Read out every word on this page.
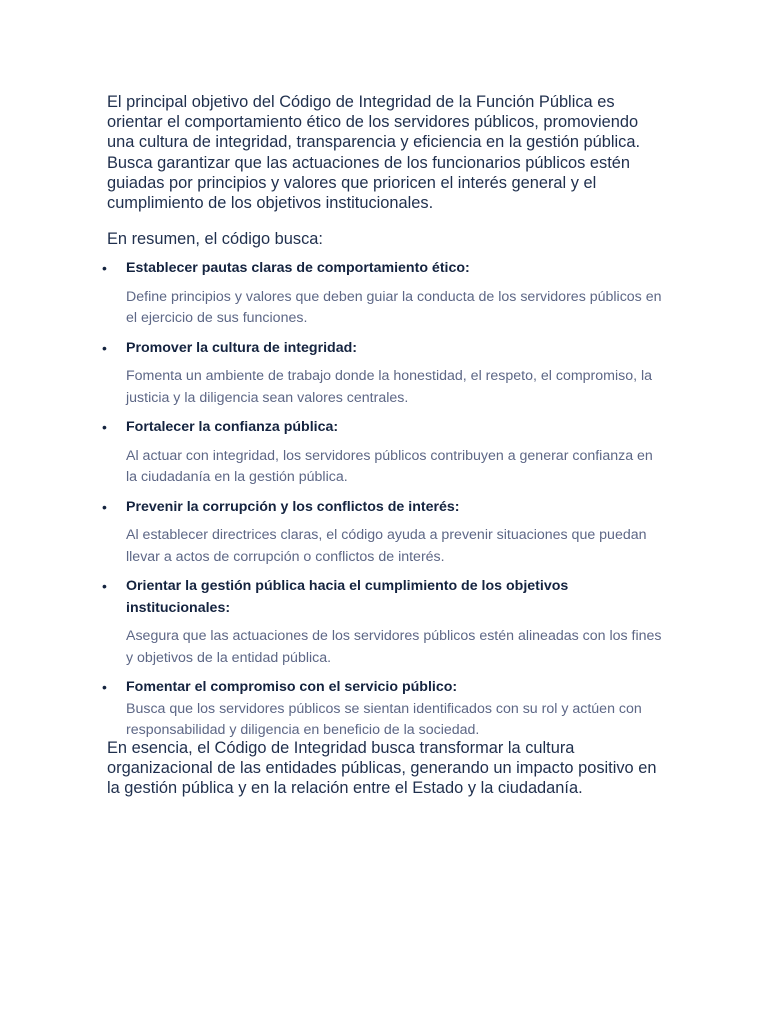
El principal objetivo del Código de Integridad de la Función Pública es orientar el comportamiento ético de los servidores públicos, promoviendo una cultura de integridad, transparencia y eficiencia en la gestión pública. Busca garantizar que las actuaciones de los funcionarios públicos estén guiadas por principios y valores que prioricen el interés general y el cumplimiento de los objetivos institucionales.

En resumen, el código busca:

• Establecer pautas claras de comportamiento ético:

Define principios y valores que deben guiar la conducta de los servidores públicos en el ejercicio de sus funciones.

• Promover la cultura de integridad:

Fomenta un ambiente de trabajo donde la honestidad, el respeto, el compromiso, la justicia y la diligencia sean valores centrales.

• Fortalecer la confianza pública:

Al actuar con integridad, los servidores públicos contribuyen a generar confianza en la ciudadanía en la gestión pública.

• Prevenir la corrupción y los conflictos de interés:

Al establecer directrices claras, el código ayuda a prevenir situaciones que puedan llevar a actos de corrupción o conflictos de interés.

• Orientar la gestión pública hacia el cumplimiento de los objetivos institucionales:

Asegura que las actuaciones de los servidores públicos estén alineadas con los fines y objetivos de la entidad pública.

• Fomentar el compromiso con el servicio público:

Busca que los servidores públicos se sientan identificados con su rol y actúen con responsabilidad y diligencia en beneficio de la sociedad.

En esencia, el Código de Integridad busca transformar la cultura organizacional de las entidades públicas, generando un impacto positivo en la gestión pública y en la relación entre el Estado y la ciudadanía.
